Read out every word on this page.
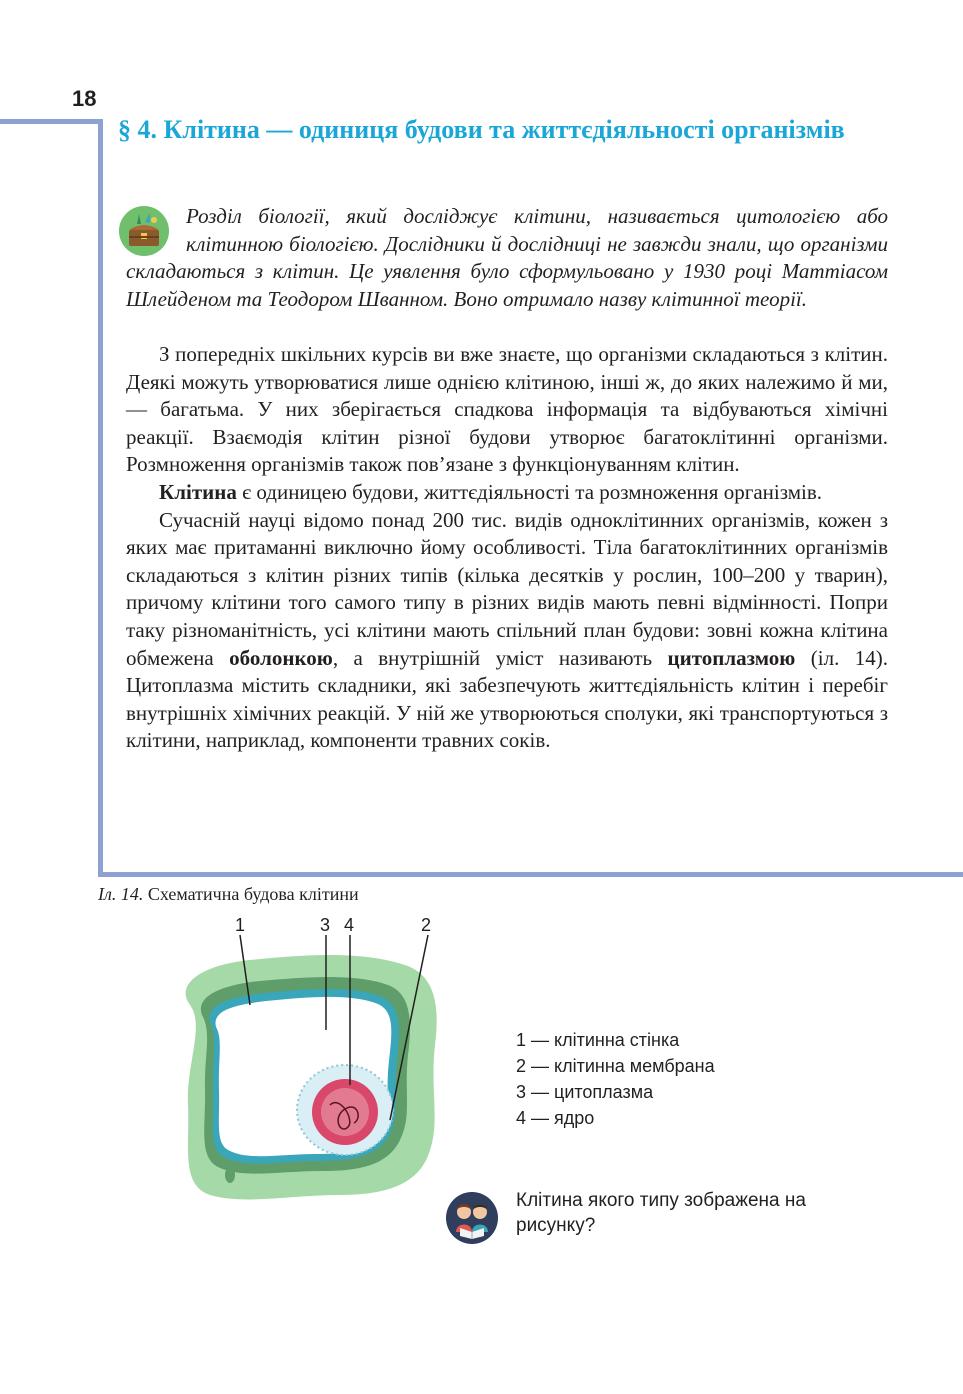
18
§ 4. Клітина — одиниця будови та життєдіяльності організмів
Розділ біології, який досліджує клітини, називається цитологією або клітинною біологією. Дослідники й дослідниці не завжди знали, що організми складаються з клітин. Це уявлення було сформульовано у 1930 році Маттіасом Шлейденом та Теодором Шванном. Воно отримало назву клітинної теорії.

З попередніх шкільних курсів ви вже знаєте, що організми складаються з клітин. Деякі можуть утворюватися лише однією клітиною, інші ж, до яких належимо й ми, — багатьма. У них зберігається спадкова інформація та відбуваються хімічні реакції. Взаємодія клітин різної будови утворює багатоклітинні організми. Розмноження організмів також пов’язане з функціонуванням клітин.

Клітина є одиницею будови, життєдіяльності та розмноження організмів.

Сучасній науці відомо понад 200 тис. видів одноклітинних організмів, кожен з яких має притаманні виключно йому особливості. Тіла багатоклітинних організмів складаються з клітин різних типів (кілька десятків у рослин, 100–200 у тварин), причому клітини того самого типу в різних видів мають певні відмінності. Попри таку різноманітність, усі клітини мають спільний план будови: зовні кожна клітина обмежена оболонкою, а внутрішній уміст називають цитоплазмою (іл. 14). Цитоплазма містить складники, які забезпечують життєдіяльність клітин і перебіг внутрішніх хімічних реакцій. У ній же утворюються сполуки, які транспортуються з клітини, наприклад, компоненти травних соків.

Іл. 14. Схематична будова клітини
1	3 4	2
1 — клітинна стінка
2 — клітинна мембрана
3 — цитоплазма
4 — ядро

Клітина якого типу зображена на рисунку?
